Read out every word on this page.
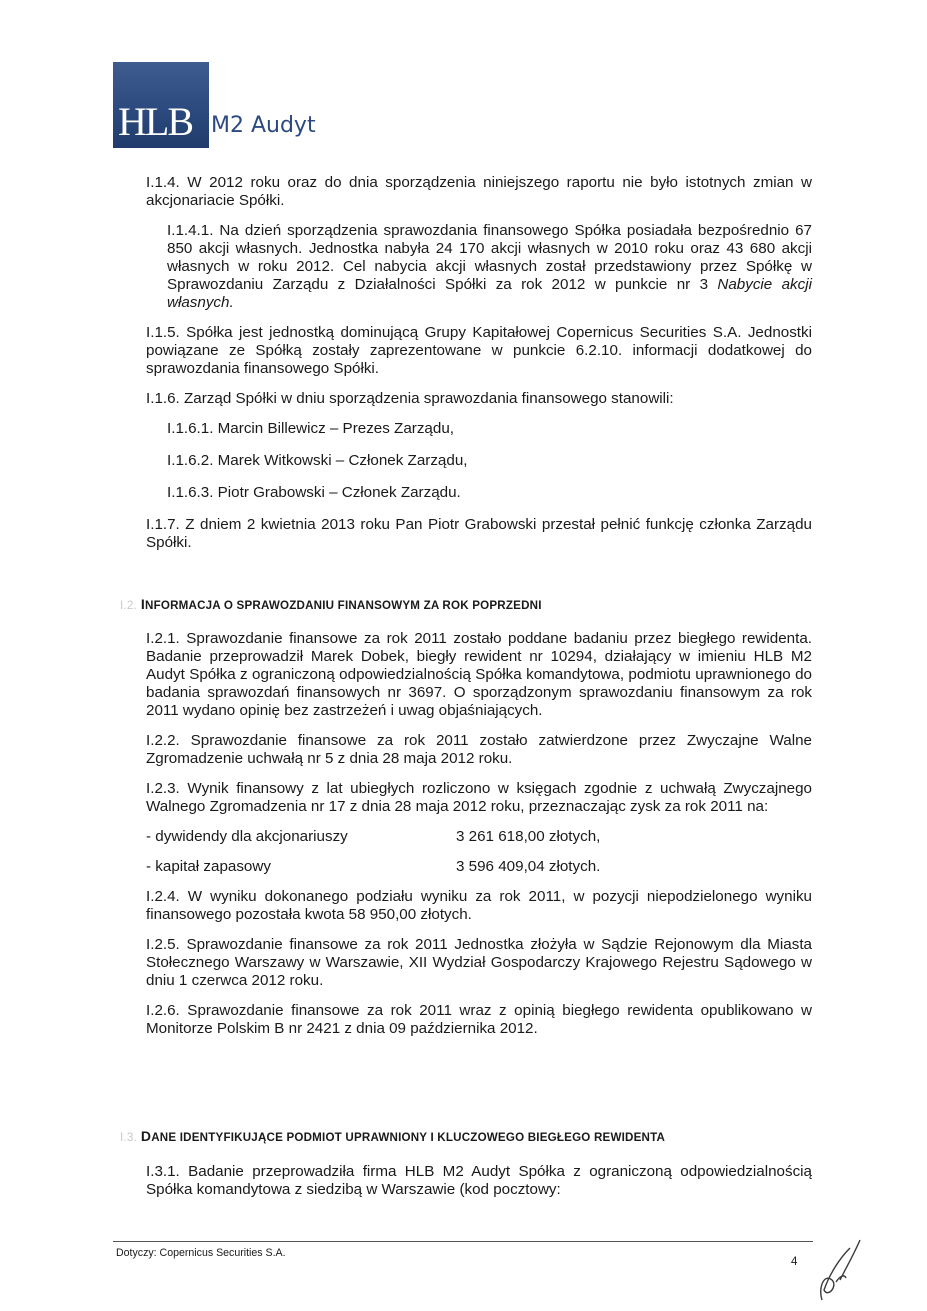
HLB M2 Audyt

I.1.4. W 2012 roku oraz do dnia sporządzenia niniejszego raportu nie było istotnych zmian w akcjonariacie Spółki.

I.1.4.1. Na dzień sporządzenia sprawozdania finansowego Spółka posiadała bezpośrednio 67 850 akcji własnych. Jednostka nabyła 24 170 akcji własnych w 2010 roku oraz 43 680 akcji własnych w roku 2012. Cel nabycia akcji własnych został przedstawiony przez Spółkę w Sprawozdaniu Zarządu z Działalności Spółki za rok 2012 w punkcie nr 3 Nabycie akcji własnych.

I.1.5. Spółka jest jednostką dominującą Grupy Kapitałowej Copernicus Securities S.A. Jednostki powiązane ze Spółką zostały zaprezentowane w punkcie 6.2.10. informacji dodatkowej do sprawozdania finansowego Spółki.

I.1.6. Zarząd Spółki w dniu sporządzenia sprawozdania finansowego stanowili:

I.1.6.1. Marcin Billewicz – Prezes Zarządu,

I.1.6.2. Marek Witkowski – Członek Zarządu,

I.1.6.3. Piotr Grabowski – Członek Zarządu.

I.1.7. Z dniem 2 kwietnia 2013 roku Pan Piotr Grabowski przestał pełnić funkcję członka Zarządu Spółki.

I.2. INFORMACJA O SPRAWOZDANIU FINANSOWYM ZA ROK POPRZEDNI

I.2.1. Sprawozdanie finansowe za rok 2011 zostało poddane badaniu przez biegłego rewidenta. Badanie przeprowadził Marek Dobek, biegły rewident nr 10294, działający w imieniu HLB M2 Audyt Spółka z ograniczoną odpowiedzialnością Spółka komandytowa, podmiotu uprawnionego do badania sprawozdań finansowych nr 3697. O sporządzonym sprawozdaniu finansowym za rok 2011 wydano opinię bez zastrzeżeń i uwag objaśniających.

I.2.2. Sprawozdanie finansowe za rok 2011 zostało zatwierdzone przez Zwyczajne Walne Zgromadzenie uchwałą nr 5 z dnia 28 maja 2012 roku.

I.2.3. Wynik finansowy z lat ubiegłych rozliczono w księgach zgodnie z uchwałą Zwyczajnego Walnego Zgromadzenia nr 17 z dnia 28 maja 2012 roku, przeznaczając zysk za rok 2011 na:

- dywidendy dla akcjonariuszy	3 261 618,00 złotych,
- kapitał zapasowy	3 596 409,04 złotych.

I.2.4. W wyniku dokonanego podziału wyniku za rok 2011, w pozycji niepodzielonego wyniku finansowego pozostała kwota 58 950,00 złotych.

I.2.5. Sprawozdanie finansowe za rok 2011 Jednostka złożyła w Sądzie Rejonowym dla Miasta Stołecznego Warszawy w Warszawie, XII Wydział Gospodarczy Krajowego Rejestru Sądowego w dniu 1 czerwca 2012 roku.

I.2.6. Sprawozdanie finansowe za rok 2011 wraz z opinią biegłego rewidenta opublikowano w Monitorze Polskim B nr 2421 z dnia 09 października 2012.

I.3. DANE IDENTYFIKUJĄCE PODMIOT UPRAWNIONY I KLUCZOWEGO BIEGŁEGO REWIDENTA

I.3.1. Badanie przeprowadziła firma HLB M2 Audyt Spółka z ograniczoną odpowiedzialnością Spółka komandytowa z siedzibą w Warszawie (kod pocztowy:

Dotyczy: Copernicus Securities S.A.
4
